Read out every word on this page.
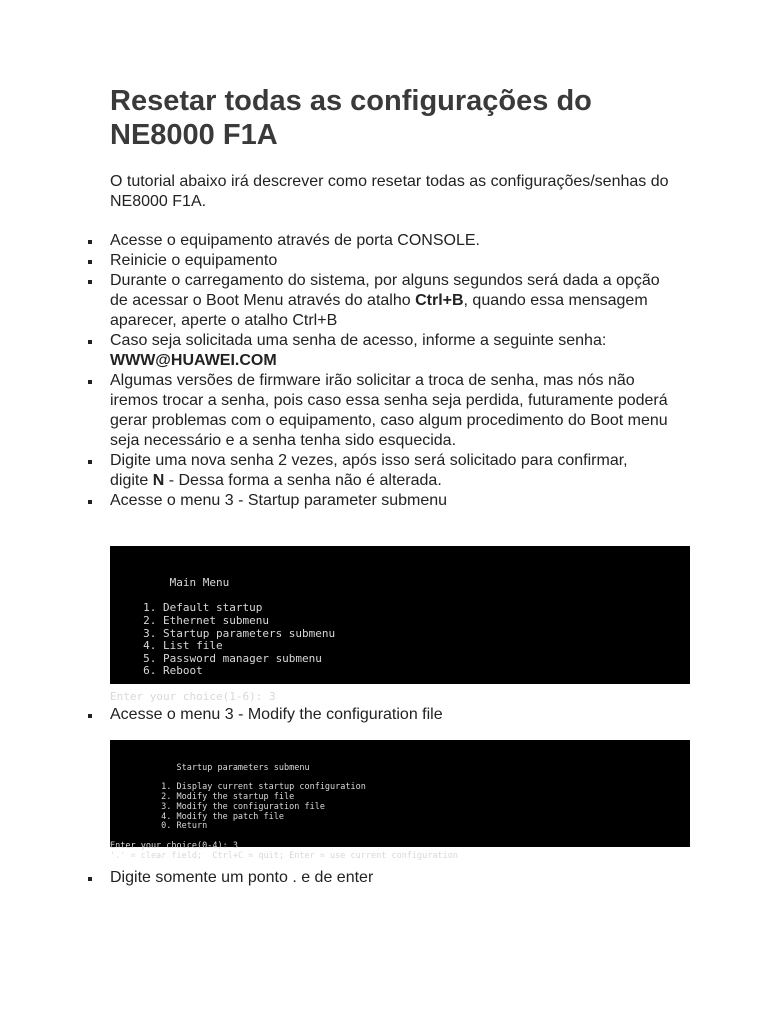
Resetar todas as configurações do NE8000 F1A

O tutorial abaixo irá descrever como resetar todas as configurações/senhas do NE8000 F1A.

Acesse o equipamento através de porta CONSOLE.
Reinicie o equipamento
Durante o carregamento do sistema, por alguns segundos será dada a opção de acessar o Boot Menu através do atalho Ctrl+B, quando essa mensagem aparecer, aperte o atalho Ctrl+B
Caso seja solicitada uma senha de acesso, informe a seguinte senha: WWW@HUAWEI.COM
Algumas versões de firmware irão solicitar a troca de senha, mas nós não iremos trocar a senha, pois caso essa senha seja perdida, futuramente poderá gerar problemas com o equipamento, caso algum procedimento do Boot menu seja necessário e a senha tenha sido esquecida.
Digite uma nova senha 2 vezes, após isso será solicitado para confirmar, digite N - Dessa forma a senha não é alterada.
Acesse o menu 3 - Startup parameter submenu

Main Menu

1. Default startup
2. Ethernet submenu
3. Startup parameters submenu
4. List file
5. Password manager submenu
6. Reboot

Enter your choice(1-6): 3

Acesse o menu 3 - Modify the configuration file

Startup parameters submenu

1. Display current startup configuration
2. Modify the startup file
3. Modify the configuration file
4. Modify the patch file
0. Return

Enter your choice(0-4): 3
'.' = clear field;  Ctrl+C = quit; Enter = use current configuration

Digite somente um ponto . e de enter
